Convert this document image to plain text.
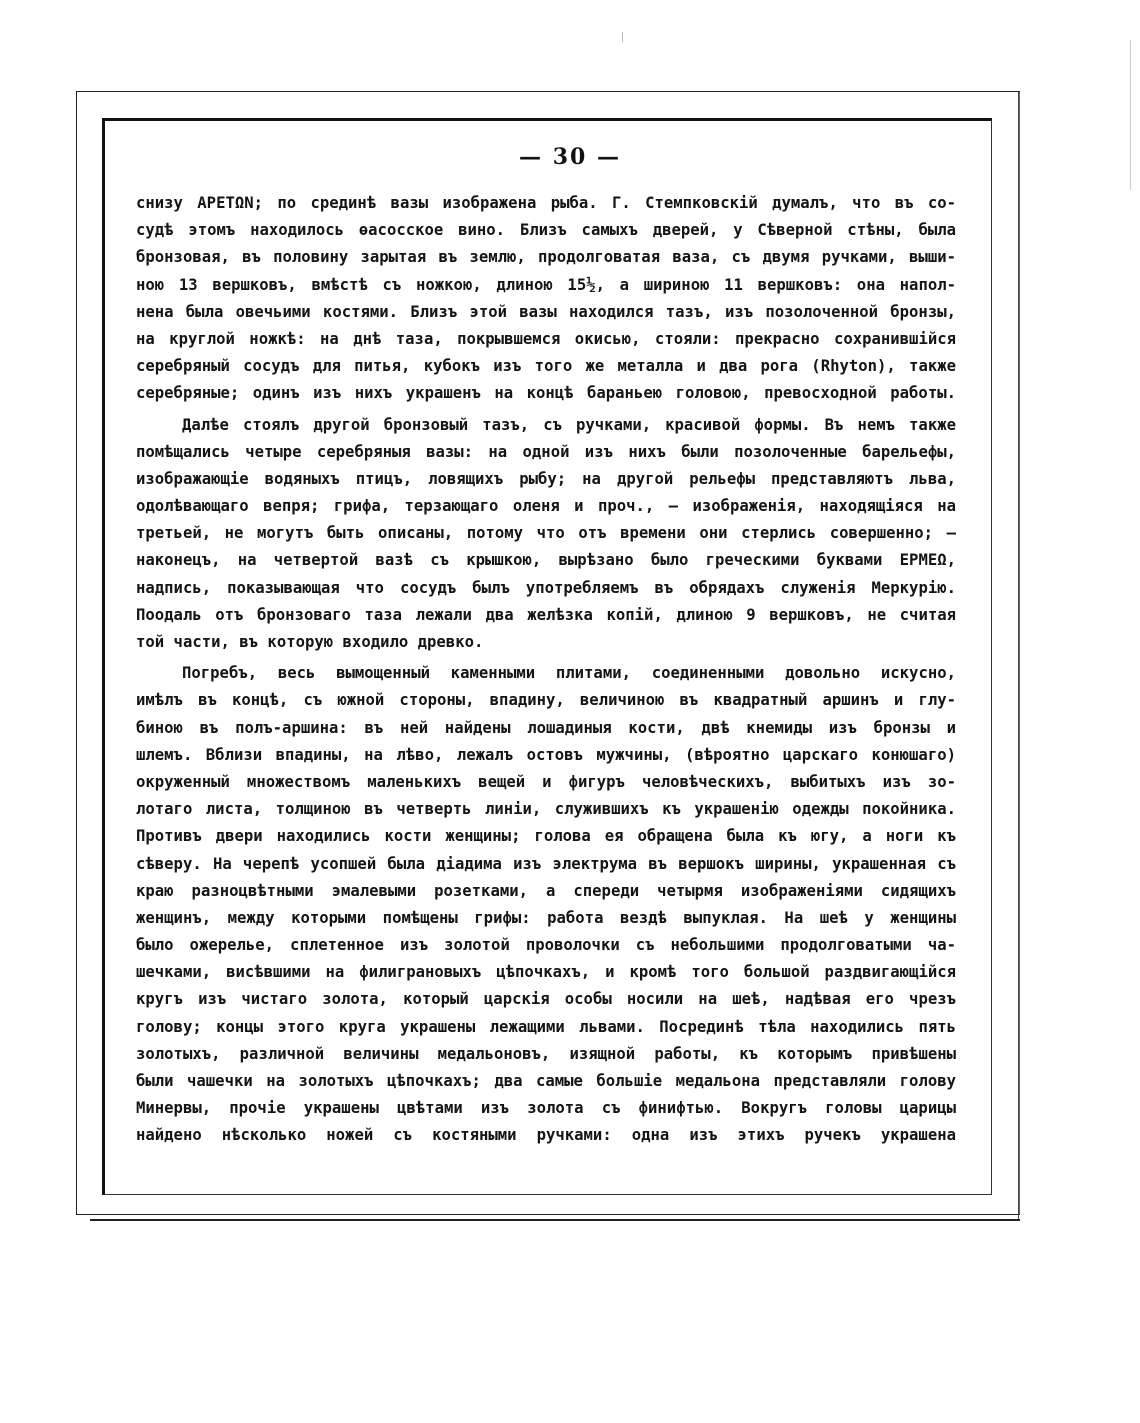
— 30 —
снизу АРЕТΩΝ; по срединѣ вазы изображена рыба. Г. Стемпковскій думалъ, что въ со-
судѣ этомъ находилось ѳасосское вино. Близъ самыхъ дверей, у Сѣверной стѣны, была
бронзовая, въ половину зарытая въ землю, продолговатая ваза, съ двумя ручками, выши-
ною 13 вершковъ, вмѣстѣ съ ножкою, длиною 15½, а шириною 11 вершковъ: она напол-
нена была овечьими костями. Близъ этой вазы находился тазъ, изъ позолоченной бронзы,
на круглой ножкѣ: на днѣ таза, покрывшемся окисью, стояли: прекрасно сохранившійся
серебряный сосудъ для питья, кубокъ изъ того же металла и два рога (Rhyton), также
серебряные; одинъ изъ нихъ украшенъ на концѣ бараньею головою, превосходной работы.
Далѣе стоялъ другой бронзовый тазъ, съ ручками, красивой формы. Въ немъ также
помѣщались четыре серебряныя вазы: на одной изъ нихъ были позолоченные барельефы,
изображающіе водяныхъ птицъ, ловящихъ рыбу; на другой рельефы представляютъ льва,
одолѣвающаго вепря; грифа, терзающаго оленя и проч., — изображенія, находящіяся на
третьей, не могутъ быть описаны, потому что отъ времени они стерлись совершенно; —
наконецъ, на четвертой вазѣ съ крышкою, вырѣзано было греческими буквами ΕΡΜΕΩ,
надпись, показывающая что сосудъ былъ употребляемъ въ обрядахъ служенія Меркурію.
Поодаль отъ бронзоваго таза лежали два желѣзка копій, длиною 9 вершковъ, не считая
той части, въ которую входило древко.
Погребъ, весь вымощенный каменными плитами, соединенными довольно искусно,
имѣлъ въ концѣ, съ южной стороны, впадину, величиною въ квадратный аршинъ и глу-
биною въ полъ-аршина: въ ней найдены лошадиныя кости, двѣ кнемиды изъ бронзы и
шлемъ. Вблизи впадины, на лѣво, лежалъ остовъ мужчины, (вѣроятно царскаго конюшаго)
окруженный множествомъ маленькихъ вещей и фигуръ человѣческихъ, выбитыхъ изъ зо-
лотаго листа, толщиною въ четверть линіи, служившихъ къ украшенію одежды покойника.
Противъ двери находились кости женщины; голова ея обращена была къ югу, а ноги къ
сѣверу. На черепѣ усопшей была діадима изъ электрума въ вершокъ ширины, украшенная съ
краю разноцвѣтными эмалевыми розетками, а спереди четырмя изображеніями сидящихъ
женщинъ, между которыми помѣщены грифы: работа вездѣ выпуклая. На шеѣ у женщины
было ожерелье, сплетенное изъ золотой проволочки съ небольшими продолговатыми ча-
шечками, висѣвшими на филиграновыхъ цѣпочкахъ, и кромѣ того большой раздвигающійся
кругъ изъ чистаго золота, который царскія особы носили на шеѣ, надѣвая его чрезъ
голову; концы этого круга украшены лежащими львами. Посрединѣ тѣла находились пять
золотыхъ, различной величины медальоновъ, изящной работы, къ которымъ привѣшены
были чашечки на золотыхъ цѣпочкахъ; два самые большіе медальона представляли голову
Минервы, прочіе украшены цвѣтами изъ золота съ финифтью. Вокругъ головы царицы
найдено нѣсколько ножей съ костяными ручками: одна изъ этихъ ручекъ украшена
